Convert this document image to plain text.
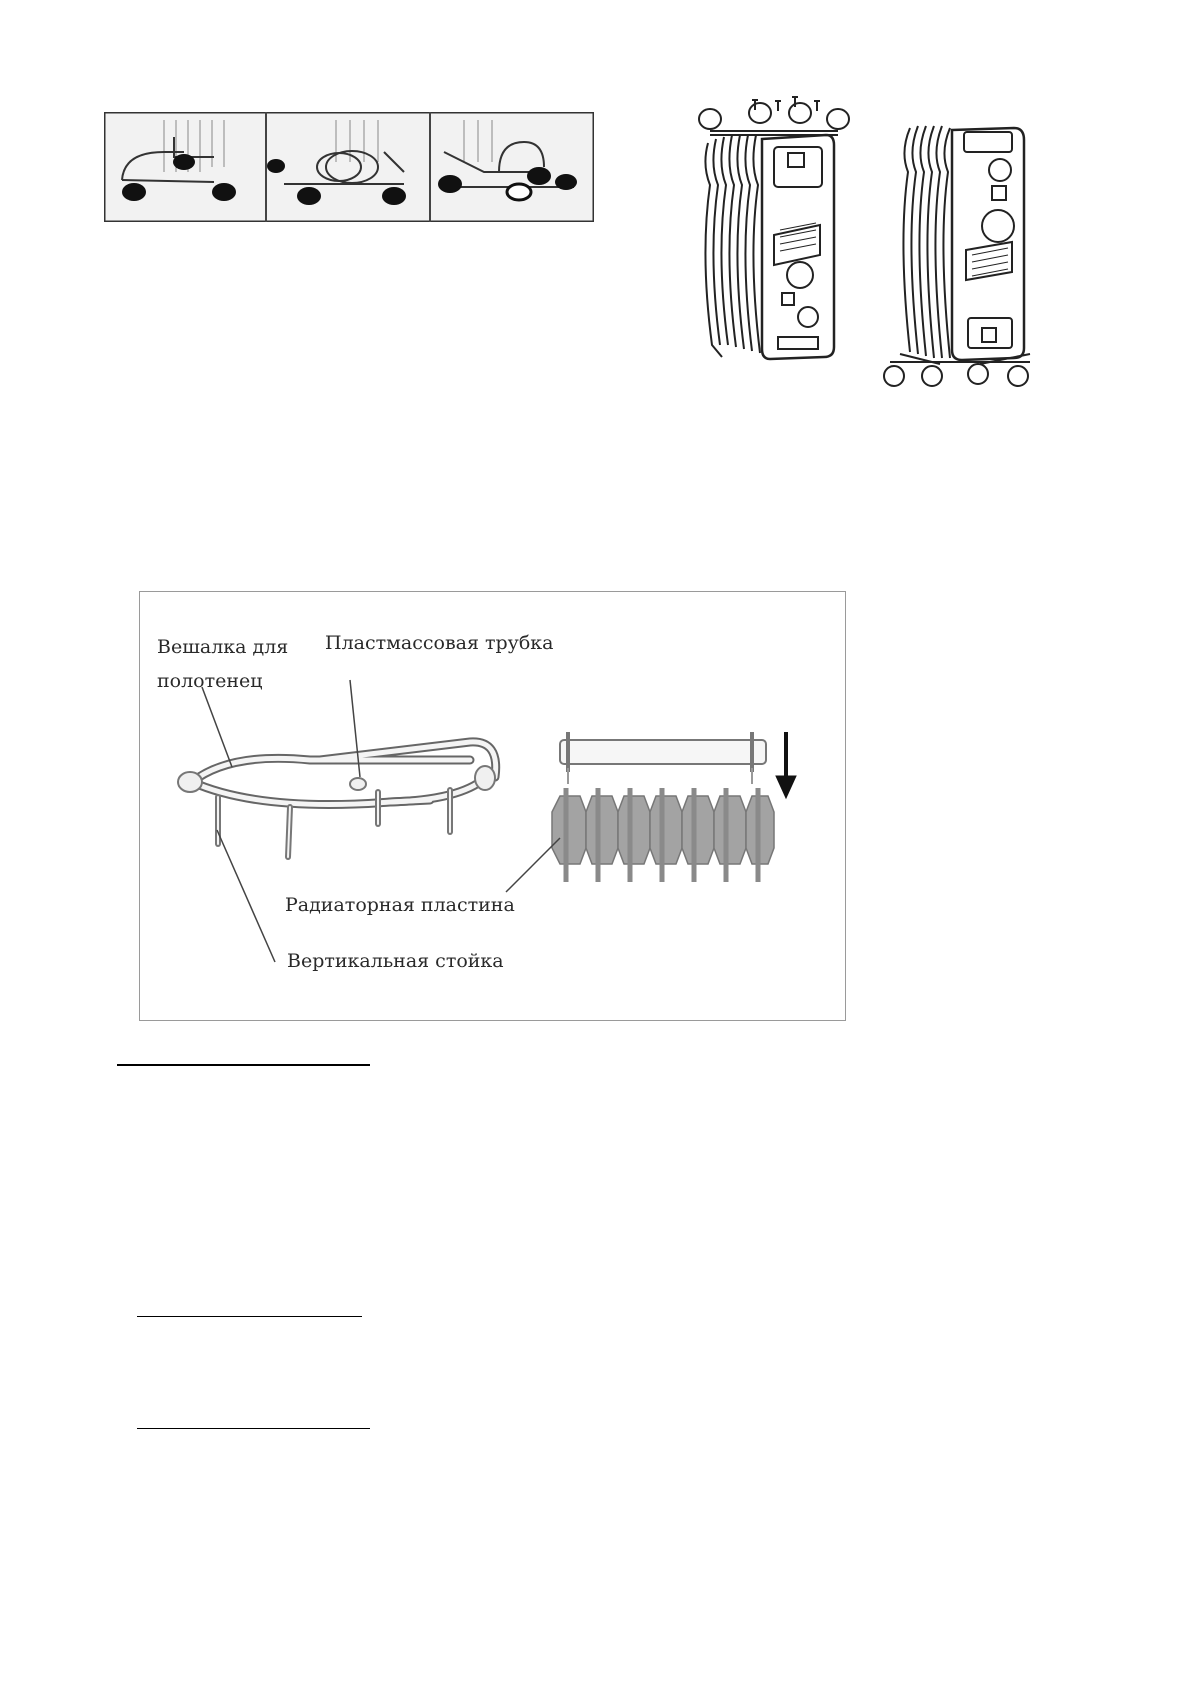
Вешалка для
полотенец
Пластмассовая трубка
Радиаторная пластина
Вертикальная стойка
